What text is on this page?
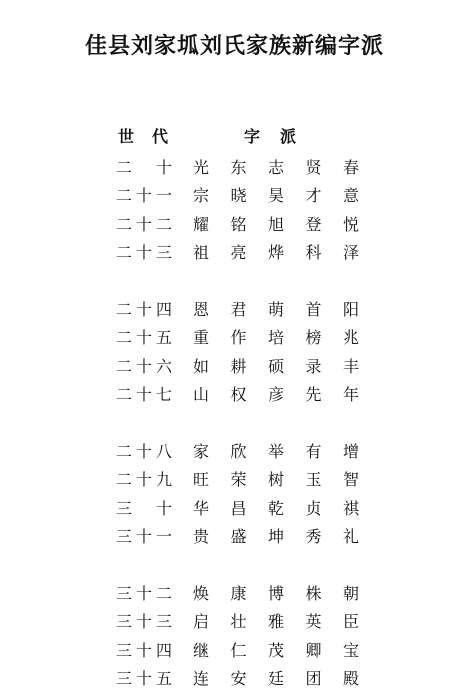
佳县刘家坬刘氏家族新编字派
世 代	字 派
二 十 光 东 志 贤 春
二 十 一 宗 晓 昊 才 意
二 十 二 耀 铭 旭 登 悦
二 十 三 祖 亮 烨 科 泽
二 十 四 恩 君 萌 首 阳
二 十 五 重 作 培 榜 兆
二 十 六 如 耕 硕 录 丰
二 十 七 山 权 彦 先 年
二 十 八 家 欣 举 有 增
二 十 九 旺 荣 树 玉 智
三 十 华 昌 乾 贞 祺
三 十 一 贵 盛 坤 秀 礼
三 十 二 焕 康 博 株 朝
三 十 三 启 壮 雅 英 臣
三 十 四 继 仁 茂 卿 宝
三 十 五 连 安 廷 团 殿
